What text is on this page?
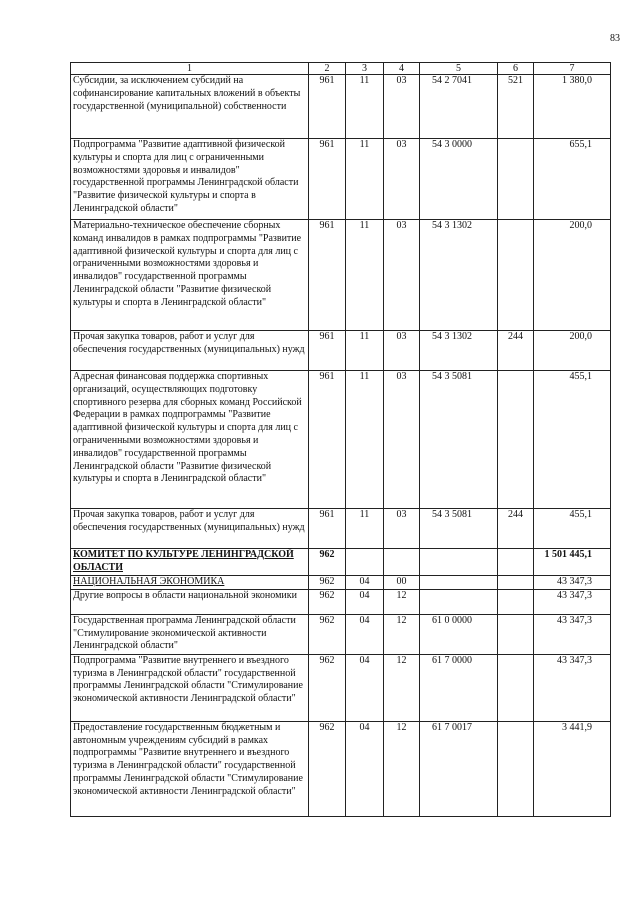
83
1	2	3	4	5	6	7
Субсидии, за исключением субсидий на софинансирование капитальных вложений в объекты государственной (муниципальной) собственности	961	11	03	54 2 7041	521	1 380,0
Подпрограмма "Развитие адаптивной физической культуры и спорта для лиц с ограниченными возможностями здоровья и инвалидов" государственной программы Ленинградской области "Развитие физической культуры и спорта в Ленинградской области"	961	11	03	54 3 0000		655,1
Материально-техническое обеспечение сборных команд инвалидов в рамках подпрограммы "Развитие адаптивной физической культуры и спорта для лиц с ограниченными возможностями здоровья и инвалидов" государственной программы Ленинградской области "Развитие физической культуры и спорта в Ленинградской области"	961	11	03	54 3 1302		200,0
Прочая закупка товаров, работ и услуг для обеспечения государственных (муниципальных) нужд	961	11	03	54 3 1302	244	200,0
Адресная финансовая поддержка спортивных организаций, осуществляющих подготовку спортивного резерва для сборных команд Российской Федерации в рамках подпрограммы "Развитие адаптивной физической культуры и спорта для лиц с ограниченными возможностями здоровья и инвалидов" государственной программы Ленинградской области "Развитие физической культуры и спорта в Ленинградской области"	961	11	03	54 3 5081		455,1
Прочая закупка товаров, работ и услуг для обеспечения государственных (муниципальных) нужд	961	11	03	54 3 5081	244	455,1
КОМИТЕТ ПО КУЛЬТУРЕ ЛЕНИНГРАДСКОЙ ОБЛАСТИ	962					1 501 445,1
НАЦИОНАЛЬНАЯ ЭКОНОМИКА	962	04	00			43 347,3
Другие вопросы в области национальной экономики	962	04	12			43 347,3
Государственная программа Ленинградской области "Стимулирование экономической активности Ленинградской области"	962	04	12	61 0 0000		43 347,3
Подпрограмма "Развитие внутреннего и въездного туризма в Ленинградской области" государственной программы Ленинградской области "Стимулирование экономической активности Ленинградской области"	962	04	12	61 7 0000		43 347,3
Предоставление государственным бюджетным и автономным учреждениям субсидий в рамках подпрограммы "Развитие внутреннего и въездного туризма в Ленинградской области" государственной программы Ленинградской области "Стимулирование экономической активности Ленинградской области"	962	04	12	61 7 0017		3 441,9
